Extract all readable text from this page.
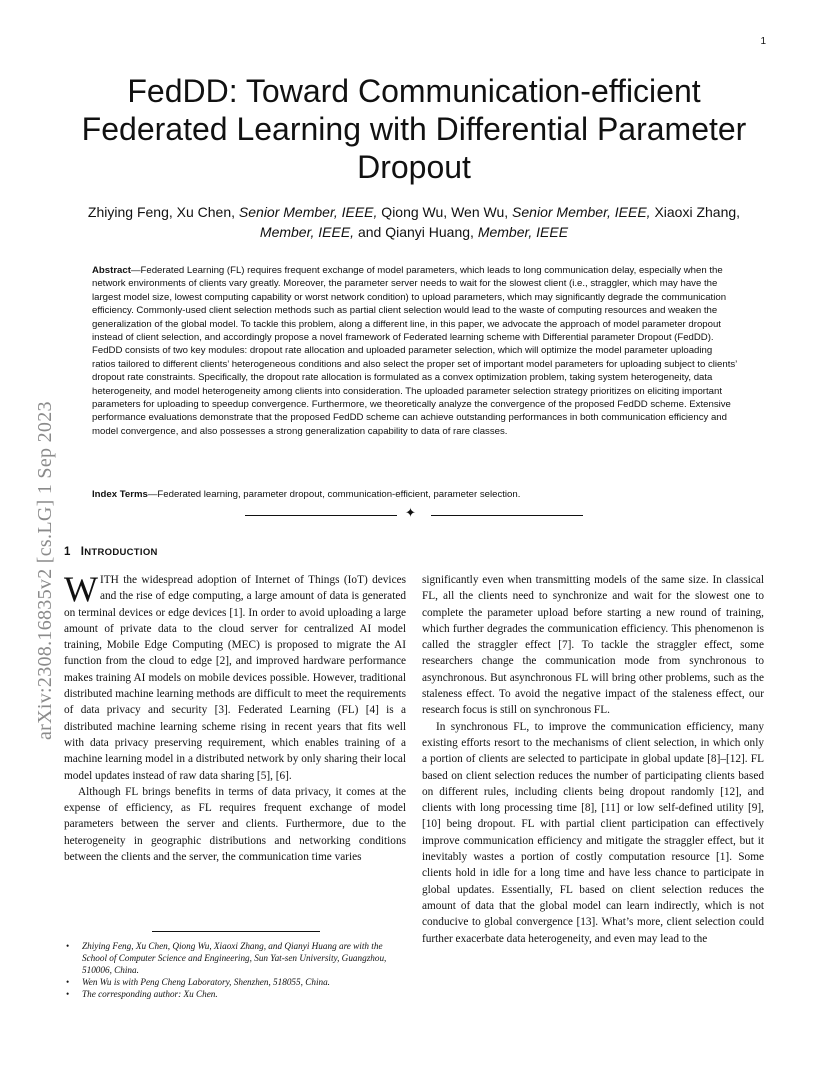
1
arXiv:2308.16835v2 [cs.LG] 1 Sep 2023
FedDD: Toward Communication-efficient Federated Learning with Differential Parameter Dropout

Zhiying Feng, Xu Chen, Senior Member, IEEE, Qiong Wu, Wen Wu, Senior Member, IEEE, Xiaoxi Zhang, Member, IEEE, and Qianyi Huang, Member, IEEE

Abstract—Federated Learning (FL) requires frequent exchange of model parameters, which leads to long communication delay, especially when the network environments of clients vary greatly. Moreover, the parameter server needs to wait for the slowest client (i.e., straggler, which may have the largest model size, lowest computing capability or worst network condition) to upload parameters, which may significantly degrade the communication efficiency. Commonly-used client selection methods such as partial client selection would lead to the waste of computing resources and weaken the generalization of the global model. To tackle this problem, along a different line, in this paper, we advocate the approach of model parameter dropout instead of client selection, and accordingly propose a novel framework of Federated learning scheme with Differential parameter Dropout (FedDD). FedDD consists of two key modules: dropout rate allocation and uploaded parameter selection, which will optimize the model parameter uploading ratios tailored to different clients’ heterogeneous conditions and also select the proper set of important model parameters for uploading subject to clients’ dropout rate constraints. Specifically, the dropout rate allocation is formulated as a convex optimization problem, taking system heterogeneity, data heterogeneity, and model heterogeneity among clients into consideration. The uploaded parameter selection strategy prioritizes on eliciting important parameters for uploading to speedup convergence. Furthermore, we theoretically analyze the convergence of the proposed FedDD scheme. Extensive performance evaluations demonstrate that the proposed FedDD scheme can achieve outstanding performances in both communication efficiency and model convergence, and also possesses a strong generalization capability to data of rare classes.

Index Terms—Federated learning, parameter dropout, communication-efficient, parameter selection.

✦
1 INTRODUCTION

WITH the widespread adoption of Internet of Things (IoT) devices and the rise of edge computing, a large amount of data is generated on terminal devices or edge devices [1]. In order to avoid uploading a large amount of private data to the cloud server for centralized AI model training, Mobile Edge Computing (MEC) is proposed to migrate the AI function from the cloud to edge [2], and improved hardware performance makes training AI models on mobile devices possible. However, traditional distributed machine learning methods are difficult to meet the requirements of data privacy and security [3]. Federated Learning (FL) [4] is a distributed machine learning scheme rising in recent years that fits well with data privacy preserving requirement, which enables training of a machine learning model in a distributed network by only sharing their local model updates instead of raw data sharing [5], [6].

Although FL brings benefits in terms of data privacy, it comes at the expense of efficiency, as FL requires frequent exchange of model parameters between the server and clients. Furthermore, due to the heterogeneity in geographic distributions and networking conditions between the clients and the server, the communication time varies

significantly even when transmitting models of the same size. In classical FL, all the clients need to synchronize and wait for the slowest one to complete the parameter upload before starting a new round of training, which further degrades the communication efficiency. This phenomenon is called the straggler effect [7]. To tackle the straggler effect, some researchers change the communication mode from synchronous to asynchronous. But asynchronous FL will bring other problems, such as the staleness effect. To avoid the negative impact of the staleness effect, our research focus is still on synchronous FL.

In synchronous FL, to improve the communication efficiency, many existing efforts resort to the mechanisms of client selection, in which only a portion of clients are selected to participate in global update [8]–[12]. FL based on client selection reduces the number of participating clients based on different rules, including clients being dropout randomly [12], and clients with long processing time [8], [11] or low self-defined utility [9], [10] being dropout. FL with partial client participation can effectively improve communication efficiency and mitigate the straggler effect, but it inevitably wastes a portion of costly computation resource [1]. Some clients hold in idle for a long time and have less chance to participate in global updates. Essentially, FL based on client selection reduces the amount of data that the global model can learn indirectly, which is not conducive to global convergence [13]. What’s more, client selection could further exacerbate data heterogeneity, and even may lead to the

• Zhiying Feng, Xu Chen, Qiong Wu, Xiaoxi Zhang, and Qianyi Huang are with the School of Computer Science and Engineering, Sun Yat-sen University, Guangzhou, 510006, China.
• Wen Wu is with Peng Cheng Laboratory, Shenzhen, 518055, China.
• The corresponding author: Xu Chen.
